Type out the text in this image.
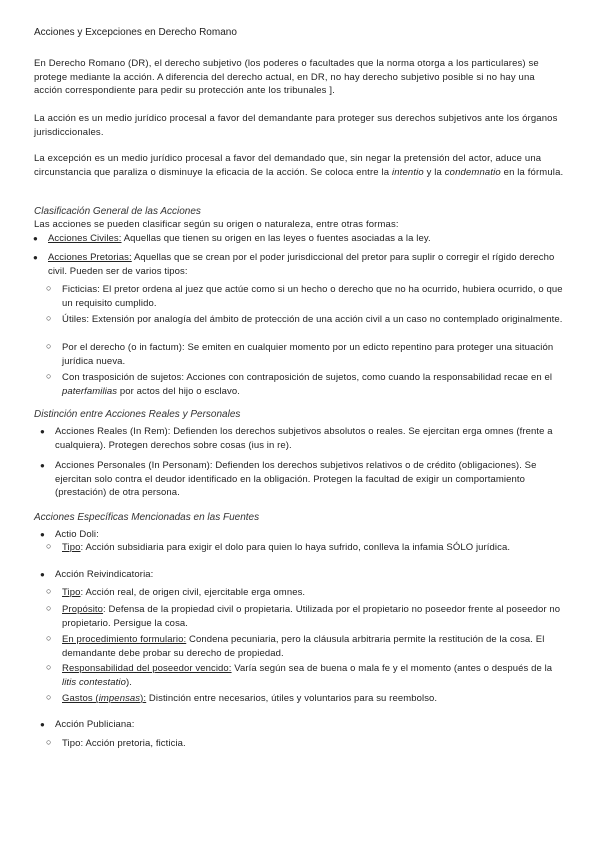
Acciones y Excepciones en Derecho Romano
En Derecho Romano (DR), el derecho subjetivo (los poderes o facultades que la norma otorga a los particulares) se protege mediante la acción. A diferencia del derecho actual, en DR, no hay derecho subjetivo posible si no hay una acción correspondiente para pedir su protección ante los tribunales ].
La acción es un medio jurídico procesal a favor del demandante para proteger sus derechos subjetivos ante los órganos jurisdiccionales.
La excepción es un medio jurídico procesal a favor del demandado que, sin negar la pretensión del actor, aduce una circunstancia que paraliza o disminuye la eficacia de la acción. Se coloca entre la intentio y la condemnatio en la fórmula.
Clasificación General de las Acciones
Las acciones se pueden clasificar según su origen o naturaleza, entre otras formas:
● Acciones Civiles: Aquellas que tienen su origen en las leyes o fuentes asociadas a la ley.
● Acciones Pretorias: Aquellas que se crean por el poder jurisdiccional del pretor para suplir o corregir el rígido derecho civil. Pueden ser de varios tipos:
○ Ficticias: El pretor ordena al juez que actúe como si un hecho o derecho que no ha ocurrido, hubiera ocurrido, o que un requisito cumplido.
○ Útiles: Extensión por analogía del ámbito de protección de una acción civil a un caso no contemplado originalmente.
○ Por el derecho (o in factum): Se emiten en cualquier momento por un edicto repentino para proteger una situación jurídica nueva.
○ Con trasposición de sujetos: Acciones con contraposición de sujetos, como cuando la responsabilidad recae en el paterfamilias por actos del hijo o esclavo.
Distinción entre Acciones Reales y Personales
● Acciones Reales (In Rem): Defienden los derechos subjetivos absolutos o reales. Se ejercitan erga omnes (frente a cualquiera). Protegen derechos sobre cosas (ius in re).
● Acciones Personales (In Personam): Defienden los derechos subjetivos relativos o de crédito (obligaciones). Se ejercitan solo contra el deudor identificado en la obligación. Protegen la facultad de exigir un comportamiento (prestación) de otra persona.
Acciones Específicas Mencionadas en las Fuentes
● Actio Doli:
○ Tipo: Acción subsidiaria para exigir el dolo para quien lo haya sufrido, conlleva la infamia SÓLO jurídica.
● Acción Reivindicatoria:
○ Tipo: Acción real, de origen civil, ejercitable erga omnes.
○ Propósito: Defensa de la propiedad civil o propietaria. Utilizada por el propietario no poseedor frente al poseedor no propietario. Persigue la cosa.
○ En procedimiento formulario: Condena pecuniaria, pero la cláusula arbitraria permite la restitución de la cosa. El demandante debe probar su derecho de propiedad.
○ Responsabilidad del poseedor vencido: Varía según sea de buena o mala fe y el momento (antes o después de la litis contestatio).
○ Gastos (impensas): Distinción entre necesarios, útiles y voluntarios para su reembolso.
● Acción Publiciana:
○ Tipo: Acción pretoria, ficticia.
